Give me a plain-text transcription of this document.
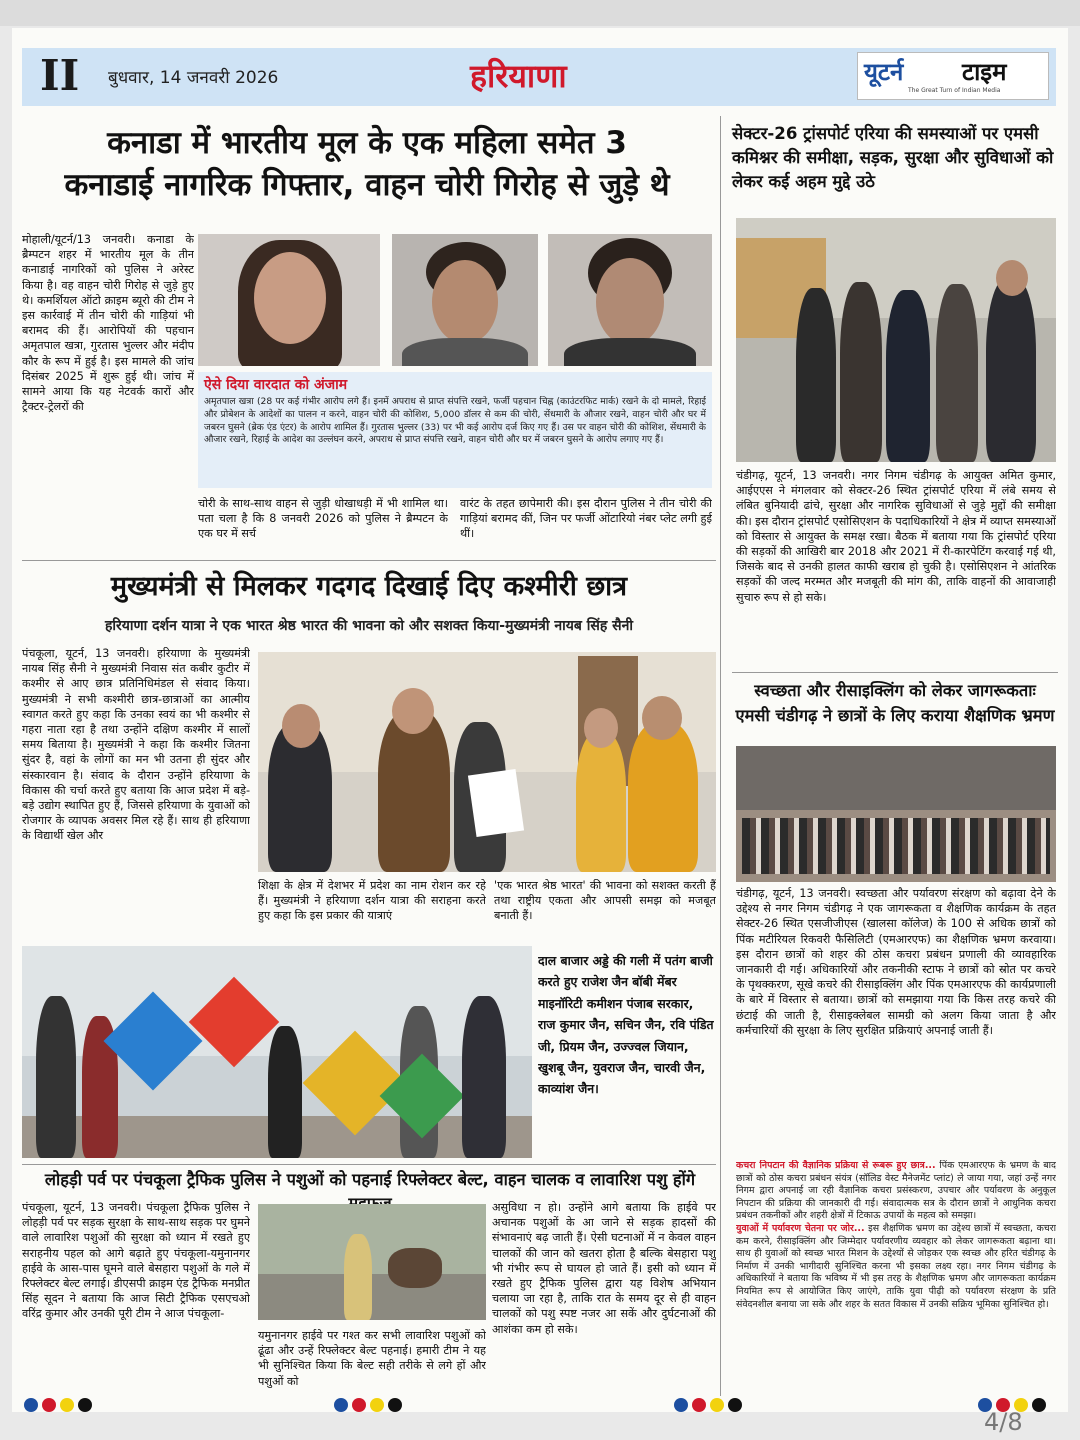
II बुधवार, 14 जनवरी 2026	हरियाणा	यूटर्न टाइम
The Great Turn of Indian Media
कनाडा में भारतीय मूल के एक महिला समेत 3
कनाडाई नागरिक गिफ्तार, वाहन चोरी गिरोह से जुड़े थे
मोहाली/यूटर्न/13 जनवरी। कनाडा के ब्रैम्पटन शहर में भारतीय मूल के तीन कनाडाई नागरिकों को पुलिस ने अरेस्ट किया है। वह वाहन चोरी गिरोह से जुड़े हुए थे। कमर्शियल ऑटो क्राइम ब्यूरो की टीम ने इस कार्रवाई में तीन चोरी की गाड़ियां भी बरामद की हैं। आरोपियों की पहचान अमृतपाल खत्रा, गुरतास भुल्लर और मंदीप कौर के रूप में हुई है। इस मामले की जांच दिसंबर 2025 में शुरू हुई थी। जांच में सामने आया कि यह नेटवर्क कारों और ट्रैक्टर-ट्रेलरों की
ऐसे दिया वारदात को अंजाम
अमृतपाल खत्रा (28 पर कई गंभीर आरोप लगे हैं। इनमें अपराध से प्राप्त संपत्ति रखने, फर्जी पहचान चिह्न (काउंटरफिट मार्क) रखने के दो मामले, रिहाई और प्रोबेशन के आदेशों का पालन न करने, वाहन चोरी की कोशिश, 5,000 डॉलर से कम की चोरी, सेंधमारी के औजार रखने, वाहन चोरी और घर में जबरन घुसने (ब्रेक एंड एंटर) के आरोप शामिल हैं। गुरतास भुल्लर (33) पर भी कई आरोप दर्ज किए गए हैं। उस पर वाहन चोरी की कोशिश, सेंधमारी के औजार रखने, रिहाई के आदेश का उल्लंघन करने, अपराध से प्राप्त संपत्ति रखने, वाहन चोरी और घर में जबरन घुसने के आरोप लगाए गए हैं।
चोरी के साथ-साथ वाहन से जुड़ी धोखाधड़ी में भी शामिल था। पता चला है कि 8 जनवरी 2026 को पुलिस ने ब्रैम्पटन के एक घर में सर्च
वारंट के तहत छापेमारी की। इस दौरान पुलिस ने तीन चोरी की गाड़ियां बरामद कीं, जिन पर फर्जी ओंटारियो नंबर प्लेट लगी हुई थीं।
मुख्यमंत्री से मिलकर गदगद दिखाई दिए कश्मीरी छात्र
हरियाणा दर्शन यात्रा ने एक भारत श्रेष्ठ भारत की भावना को और सशक्त किया-मुख्यमंत्री नायब सिंह सैनी
पंचकूला, यूटर्न, 13 जनवरी। हरियाणा के मुख्यमंत्री नायब सिंह सैनी ने मुख्यमंत्री निवास संत कबीर कुटीर में कश्मीर से आए छात्र प्रतिनिधिमंडल से संवाद किया। मुख्यमंत्री ने सभी कश्मीरी छात्र-छात्राओं का आत्मीय स्वागत करते हुए कहा कि उनका स्वयं का भी कश्मीर से गहरा नाता रहा है तथा उन्होंने दक्षिण कश्मीर में सालों समय बिताया है। मुख्यमंत्री ने कहा कि कश्मीर जितना सुंदर है, वहां के लोगों का मन भी उतना ही सुंदर और संस्कारवान है। संवाद के दौरान उन्होंने हरियाणा के विकास की चर्चा करते हुए बताया कि आज प्रदेश में बड़े-बड़े उद्योग स्थापित हुए हैं, जिससे हरियाणा के युवाओं को रोजगार के व्यापक अवसर मिल रहे हैं। साथ ही हरियाणा के विद्यार्थी खेल और
शिक्षा के क्षेत्र में देशभर में प्रदेश का नाम रोशन कर रहे हैं। मुख्यमंत्री ने हरियाणा दर्शन यात्रा की सराहना करते हुए कहा कि इस प्रकार की यात्राएं
'एक भारत श्रेष्ठ भारत' की भावना को सशक्त करती हैं तथा राष्ट्रीय एकता और आपसी समझ को मजबूत बनाती हैं।
दाल बाजार अड्डे की गली में पतंग बाजी करते हुए राजेश जैन बॉबी मेंबर माइनॉरिटी कमीशन पंजाब सरकार, राज कुमार जैन, सचिन जैन, रवि पंडित जी, प्रियम जैन, उज्ज्वल जियान, खुशबू जैन, युवराज जैन, चारवी जैन, काव्यांश जैन।
लोहड़ी पर्व पर पंचकूला ट्रैफिक पुलिस ने पशुओं को पहनाई रिफ्लेक्टर बेल्ट, वाहन चालक व लावारिश पशु होंगे
पंचकूला, यूटर्न, 13 जनवरी। पंचकूला ट्रैफिक पुलिस ने लोहड़ी पर्व पर सड़क सुरक्षा के साथ-साथ सड़क पर घुमने वाले लावारिश पशुओं की सुरक्षा को ध्यान में रखते हुए सराहनीय पहल को आगे बढ़ाते हुए पंचकूला-यमुनानगर हाईवे के आस-पास घूमने वाले बेसहारा पशुओं के गले में रिफ्लेक्टर बेल्ट लगाई। डीएसपी क्राइम एंड ट्रैफिक मनप्रीत सिंह सूदन ने बताया कि आज सिटी ट्रैफिक एसएचओ वरिंद्र कुमार और उनकी पूरी टीम ने आज पंचकूला-
यमुनानगर हाईवे पर गश्त कर सभी लावारिश पशुओं को ढूंढा और उन्हें रिफ्लेक्टर बेल्ट पहनाई। हमारी टीम ने यह भी सुनिश्चित किया कि बेल्ट सही तरीके से लगे हों और पशुओं को
असुविधा न हो। उन्होंने आगे बताया कि हाईवे पर अचानक पशुओं के आ जाने से सड़क हादसों की संभावनाएं बढ़ जाती हैं। ऐसी घटनाओं में न केवल वाहन चालकों की जान को खतरा होता है बल्कि बेसहारा पशु भी गंभीर रूप से घायल हो जाते हैं। इसी को ध्यान में रखते हुए ट्रैफिक पुलिस द्वारा यह विशेष अभियान चलाया जा रहा है, ताकि रात के समय दूर से ही वाहन चालकों को पशु स्पष्ट नजर आ सकें और दुर्घटनाओं की आशंका कम हो सके।
सेक्टर-26 ट्रांसपोर्ट एरिया की समस्याओं पर एमसी कमिश्नर की समीक्षा, सड़क, सुरक्षा और सुविधाओं को लेकर कई अहम मुद्दे उठे
चंडीगढ़, यूटर्न, 13 जनवरी। नगर निगम चंडीगढ़ के आयुक्त अमित कुमार, आईएएस ने मंगलवार को सेक्टर-26 स्थित ट्रांसपोर्ट एरिया में लंबे समय से लंबित बुनियादी ढांचे, सुरक्षा और नागरिक सुविधाओं से जुड़े मुद्दों की समीक्षा की। इस दौरान ट्रांसपोर्ट एसोसिएशन के पदाधिकारियों ने क्षेत्र में व्याप्त समस्याओं को विस्तार से आयुक्त के समक्ष रखा। बैठक में बताया गया कि ट्रांसपोर्ट एरिया की सड़कों की आखिरी बार 2018 और 2021 में री-कारपेटिंग करवाई गई थी, जिसके बाद से उनकी हालत काफी खराब हो चुकी है। एसोसिएशन ने आंतरिक सड़कों की जल्द मरम्मत और मजबूती की मांग की, ताकि वाहनों की आवाजाही सुचारु रूप से हो सके।
स्वच्छता और रीसाइक्लिंग को लेकर जागरूकताः
एमसी चंडीगढ़ ने छात्रों के लिए कराया शैक्षणिक भ्रमण
चंडीगढ़, यूटर्न, 13 जनवरी। स्वच्छता और पर्यावरण संरक्षण को बढ़ावा देने के उद्देश्य से नगर निगम चंडीगढ़ ने एक जागरूकता व शैक्षणिक कार्यक्रम के तहत सेक्टर-26 स्थित एसजीजीएस (खालसा कॉलेज) के 100 से अधिक छात्रों को पिंक मटीरियल रिकवरी फैसिलिटी (एमआरएफ) का शैक्षणिक भ्रमण करवाया। इस दौरान छात्रों को शहर की ठोस कचरा प्रबंधन प्रणाली की व्यावहारिक जानकारी दी गई। अधिकारियों और तकनीकी स्टाफ ने छात्रों को स्रोत पर कचरे के पृथक्करण, सूखे कचरे की रीसाइक्लिंग और पिंक एमआरएफ की कार्यप्रणाली के बारे में विस्तार से बताया। छात्रों को समझाया गया कि किस तरह कचरे की छंटाई की जाती है, रीसाइक्लेबल सामग्री को अलग किया जाता है और कर्मचारियों की सुरक्षा के लिए सुरक्षित प्रक्रियाएं अपनाई जाती हैं।
कचरा निपटान की वैज्ञानिक प्रक्रिया से रूबरू हुए छात्र... पिंक एमआरएफ के भ्रमण के बाद छात्रों को ठोस कचरा प्रबंधन संयंत्र (सॉलिड वेस्ट मैनेजमेंट प्लांट) ले जाया गया, जहां उन्हें नगर निगम द्वारा अपनाई जा रही वैज्ञानिक कचरा प्रसंस्करण, उपचार और पर्यावरण के अनुकूल निपटान की प्रक्रिया की जानकारी दी गई। संवादात्मक सत्र के दौरान छात्रों ने आधुनिक कचरा प्रबंधन तकनीकों और शहरी क्षेत्रों में टिकाऊ उपायों के महत्व को समझा।
युवाओं में पर्यावरण चेतना पर जोर... इस शैक्षणिक भ्रमण का उद्देश्य छात्रों में स्वच्छता, कचरा कम करने, रीसाइक्लिंग और जिम्मेदार पर्यावरणीय व्यवहार को लेकर जागरूकता बढ़ाना था। साथ ही युवाओं को स्वच्छ भारत मिशन के उद्देश्यों से जोड़कर एक स्वच्छ और हरित चंडीगढ़ के निर्माण में उनकी भागीदारी सुनिश्चित करना भी इसका लक्ष्य रहा। नगर निगम चंडीगढ़ के अधिकारियों ने बताया कि भविष्य में भी इस तरह के शैक्षणिक भ्रमण और जागरूकता कार्यक्रम नियमित रूप से आयोजित किए जाएंगे, ताकि युवा पीढ़ी को पर्यावरण संरक्षण के प्रति संवेदनशील बनाया जा सके और शहर के सतत विकास में उनकी सक्रिय भूमिका सुनिश्चित हो।
4/8
